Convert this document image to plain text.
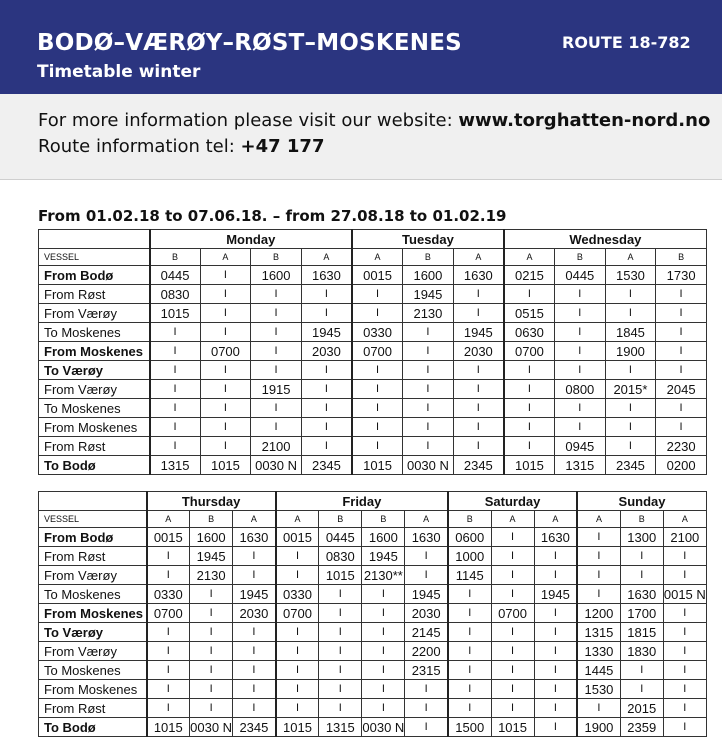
BODØ–VÆRØY–RØST–MOSKENES
Timetable winter
ROUTE 18-782
For more information please visit our website: www.torghatten-nord.no
Route information tel: +47 177
From 01.02.18 to 07.06.18. – from 27.08.18 to 01.02.19
	Monday				Tuesday			Wednesday			
VESSEL	B	A	B	A	A	B	A	A	B	A	B
From Bodø	0445	I	1600	1630	0015	1600	1630	0215	0445	1530	1730
From Røst	0830	I	I	I	I	1945	I	I	I	I	I
From Værøy	1015	I	I	I	I	2130	I	0515	I	I	I
To Moskenes	I	I	I	1945	0330	I	1945	0630	I	1845	I
From Moskenes	I	0700	I	2030	0700	I	2030	0700	I	1900	I
To Værøy	I	I	I	I	I	I	I	I	I	I	I
From Værøy	I	I	1915	I	I	I	I	I	0800	2015*	2045
To Moskenes	I	I	I	I	I	I	I	I	I	I	I
From Moskenes	I	I	I	I	I	I	I	I	I	I	I
From Røst	I	I	2100	I	I	I	I	I	0945	I	2230
To Bodø	1315	1015	0030 N	2345	1015	0030 N	2345	1015	1315	2345	0200
	Thursday			Friday				Saturday			Sunday		
VESSEL	A	B	A	A	B	B	A	B	A	A	A	B	A
From Bodø	0015	1600	1630	0015	0445	1600	1630	0600	I	1630	I	1300	2100
From Røst	I	1945	I	I	0830	1945	I	1000	I	I	I	I	I
From Værøy	I	2130	I	I	1015	2130**	I	1145	I	I	I	I	I
To Moskenes	0330	I	1945	0330	I	I	1945	I	I	1945	I	1630	0015 N
From Moskenes	0700	I	2030	0700	I	I	2030	I	0700	I	1200	1700	I
To Værøy	I	I	I	I	I	I	2145	I	I	I	1315	1815	I
From Værøy	I	I	I	I	I	I	2200	I	I	I	1330	1830	I
To Moskenes	I	I	I	I	I	I	2315	I	I	I	1445	I	I
From Moskenes	I	I	I	I	I	I	I	I	I	I	1530	I	I
From Røst	I	I	I	I	I	I	I	I	I	I	I	2015	I
To Bodø	1015	0030 N	2345	1015	1315	0030 N	I	1500	1015	I	1900	2359	I
